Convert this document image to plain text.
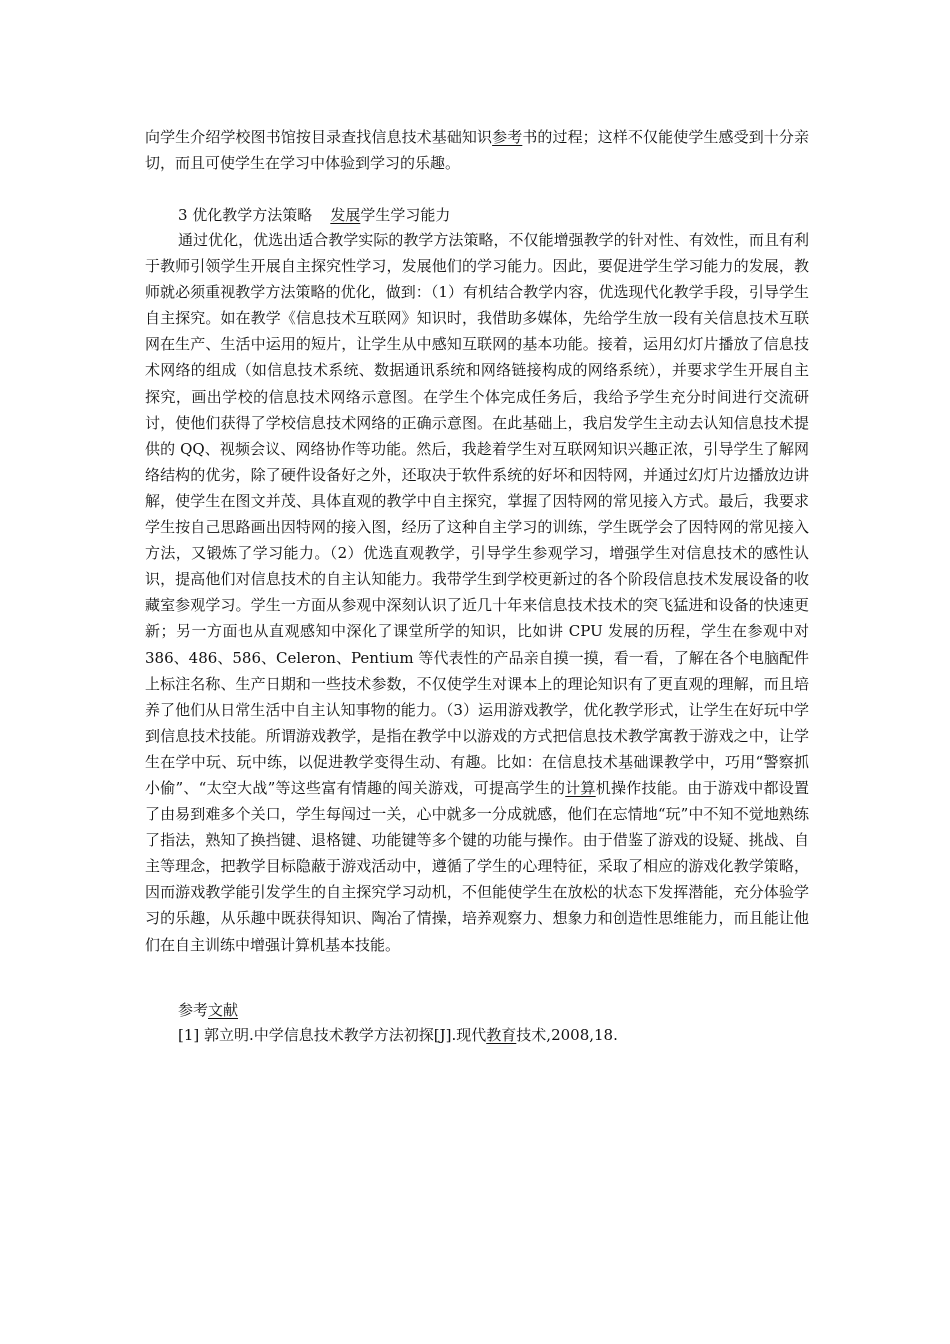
向学生介绍学校图书馆按目录查找信息技术基础知识参考书的过程；这样不仅能使学生感受到十分亲切，而且可使学生在学习中体验到学习的乐趣。

3 优化教学方法策略 发展学生学习能力

通过优化，优选出适合教学实际的教学方法策略，不仅能增强教学的针对性、有效性，而且有利于教师引领学生开展自主探究性学习，发展他们的学习能力。因此，要促进学生学习能力的发展，教师就必须重视教学方法策略的优化，做到：（1）有机结合教学内容，优选现代化教学手段，引导学生自主探究。如在教学《信息技术互联网》知识时，我借助多媒体，先给学生放一段有关信息技术互联网在生产、生活中运用的短片，让学生从中感知互联网的基本功能。接着，运用幻灯片播放了信息技术网络的组成（如信息技术系统、数据通讯系统和网络链接构成的网络系统），并要求学生开展自主探究，画出学校的信息技术网络示意图。在学生个体完成任务后，我给予学生充分时间进行交流研讨，使他们获得了学校信息技术网络的正确示意图。在此基础上，我启发学生主动去认知信息技术提供的 QQ、视频会议、网络协作等功能。然后，我趁着学生对互联网知识兴趣正浓，引导学生了解网络结构的优劣，除了硬件设备好之外，还取决于软件系统的好坏和因特网，并通过幻灯片边播放边讲解，使学生在图文并茂、具体直观的教学中自主探究，掌握了因特网的常见接入方式。最后，我要求学生按自己思路画出因特网的接入图，经历了这种自主学习的训练，学生既学会了因特网的常见接入方法，又锻炼了学习能力。（2）优选直观教学，引导学生参观学习，增强学生对信息技术的感性认识，提高他们对信息技术的自主认知能力。我带学生到学校更新过的各个阶段信息技术发展设备的收藏室参观学习。学生一方面从参观中深刻认识了近几十年来信息技术技术的突飞猛进和设备的快速更新；另一方面也从直观感知中深化了课堂所学的知识，比如讲 CPU 发展的历程，学生在参观中对 386、486、586、Celeron、Pentium 等代表性的产品亲自摸一摸，看一看，了解在各个电脑配件上标注名称、生产日期和一些技术参数，不仅使学生对课本上的理论知识有了更直观的理解，而且培养了他们从日常生活中自主认知事物的能力。（3）运用游戏教学，优化教学形式，让学生在好玩中学到信息技术技能。所谓游戏教学，是指在教学中以游戏的方式把信息技术教学寓教于游戏之中，让学生在学中玩、玩中练，以促进教学变得生动、有趣。比如：在信息技术基础课教学中，巧用“警察抓小偷”、“太空大战”等这些富有情趣的闯关游戏，可提高学生的计算机操作技能。由于游戏中都设置了由易到难多个关口，学生每闯过一关，心中就多一分成就感，他们在忘情地“玩”中不知不觉地熟练了指法，熟知了换挡键、退格键、功能键等多个键的功能与操作。由于借鉴了游戏的设疑、挑战、自主等理念，把教学目标隐蔽于游戏活动中，遵循了学生的心理特征，采取了相应的游戏化教学策略，因而游戏教学能引发学生的自主探究学习动机，不但能使学生在放松的状态下发挥潜能，充分体验学习的乐趣，从乐趣中既获得知识、陶冶了情操，培养观察力、想象力和创造性思维能力，而且能让他们在自主训练中增强计算机基本技能。

参考文献

[1] 郭立明.中学信息技术教学方法初探[J].现代教育技术,2008,18.
